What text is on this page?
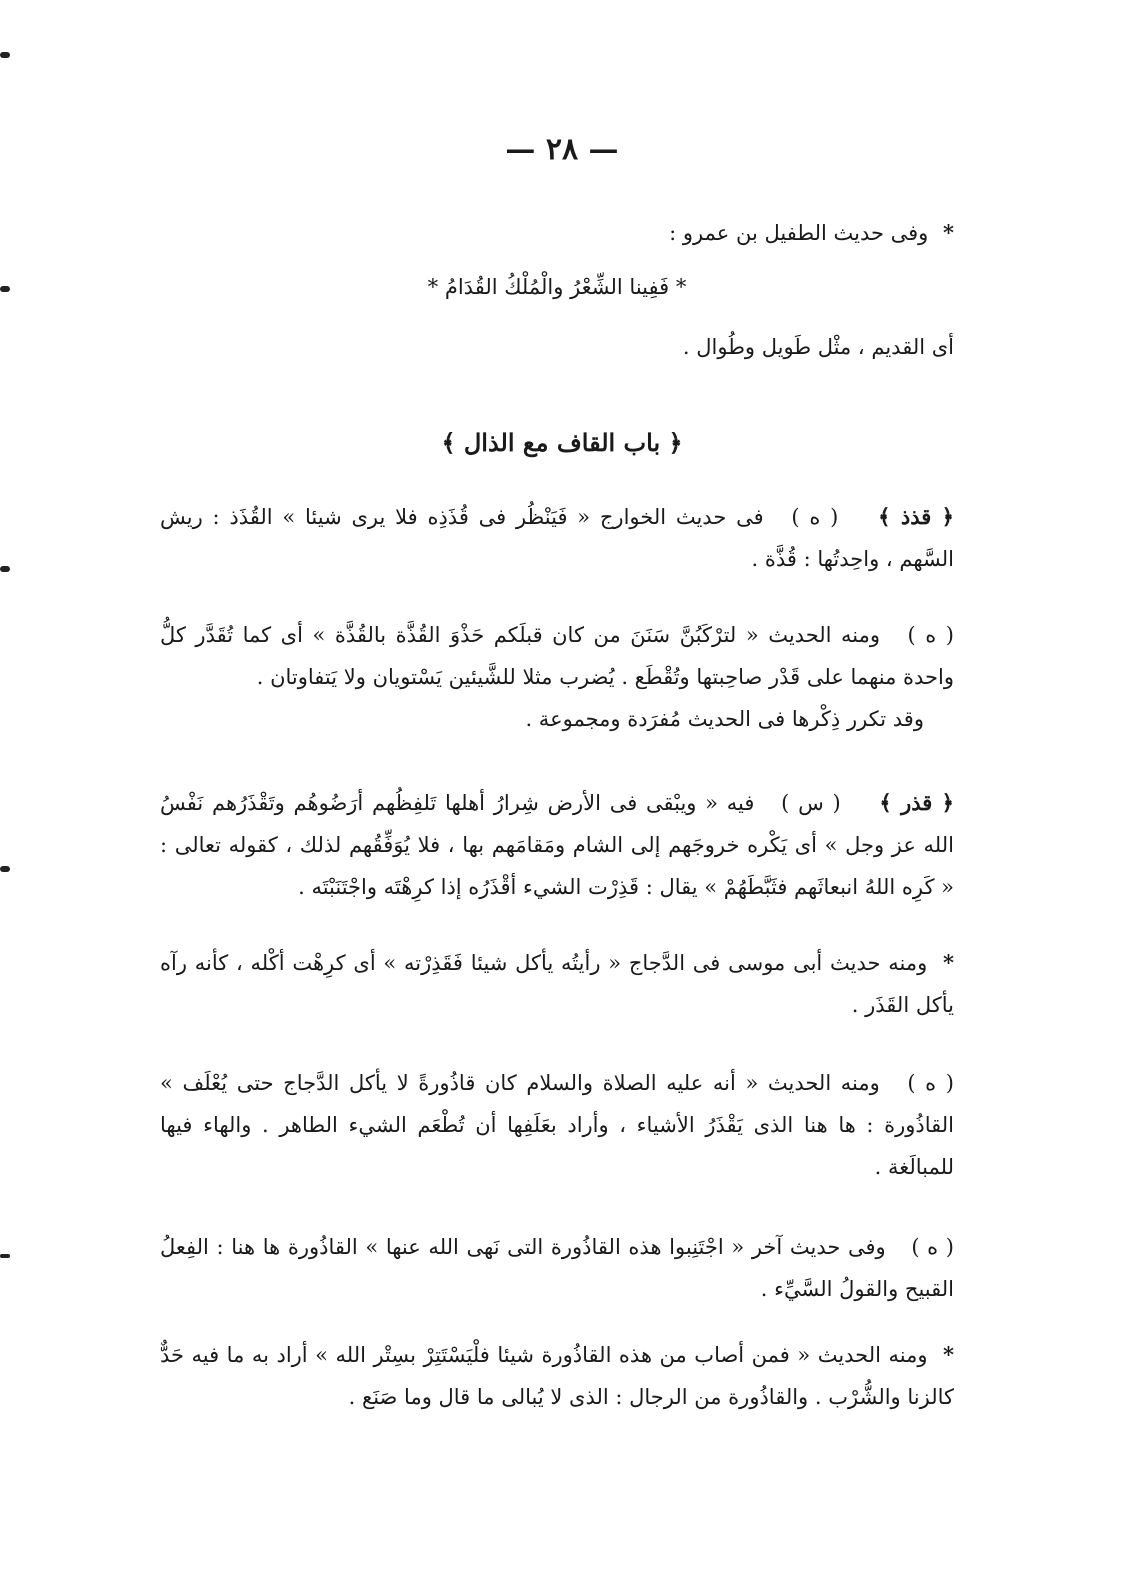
— ٢٨ —

* وفى حديث الطفيل بن عمرو :

* فَفِينا الشِّعْرُ والْمُلْكُ القُدَامُ *

أى القديم ، مثْل طَويل وطُوال .

﴿ باب القاف مع الذال ﴾

﴿ قذذ ﴾ ( ه ) فى حديث الخوارج « فَيَنْظُر فى قُذَذِه فلا يرى شيئا » القُذَذ : ريش السَّهم ، واحِدتُها : قُذَّة .

( ه ) ومنه الحديث « لترْكَبُنَّ سَنَنَ من كان قبلَكم حَذْوَ القُذَّة بالقُذَّة » أى كما تُقَدَّر كلُّ واحدة منهما على قَدْر صاحِبتها وتُقْطَع . يُضرب مثلا للشَّيئين يَسْتويان ولا يَتفاوتان .

وقد تكرر ذِكْرها فى الحديث مُفرَدة ومجموعة .

﴿ قذر ﴾ ( س ) فيه « ويبْقى فى الأرض شِرارُ أهلها تَلفِظُهم أرَضُوهُم وتَقْذَرُهم نَفْسُ الله عز وجل » أى يَكْره خروجَهم إلى الشام ومَقامَهم بها ، فلا يُوَفِّقُهم لذلك ، كقوله تعالى : « كَرِه اللهُ انبعاثَهم فثَبَّطَهُمْ » يقال : قَذِرْت الشيء أقْذَرُه إذا كرِهْتَه واجْتَنَبْتَه .

* ومنه حديث أبى موسى فى الدَّجاج « رأيتُه يأكل شيئا فَقَذِرْته » أى كرِهْت أكْله ، كأنه رآه يأكل القَذَر .

( ه ) ومنه الحديث « أنه عليه الصلاة والسلام كان قاذُورةً لا يأكل الدَّجاج حتى يُعْلَف » القاذُورة : ها هنا الذى يَقْذَرُ الأشياء ، وأراد بعَلَفِها أن تُطْعَم الشيء الطاهر . والهاء فيها للمبالَغة .

( ه ) وفى حديث آخر « اجْتَنِبوا هذه القاذُورة التى نَهى الله عنها » القاذُورة ها هنا : الفِعلُ القبيح والقولُ السَّيِّء .

* ومنه الحديث « فمن أصاب من هذه القاذُورة شيئا فلْيَسْتَتِرْ بسِتْر الله » أراد به ما فيه حَدٌّ كالزنا والشُّرْب . والقاذُورة من الرجال : الذى لا يُبالى ما قال وما صَنَع .
